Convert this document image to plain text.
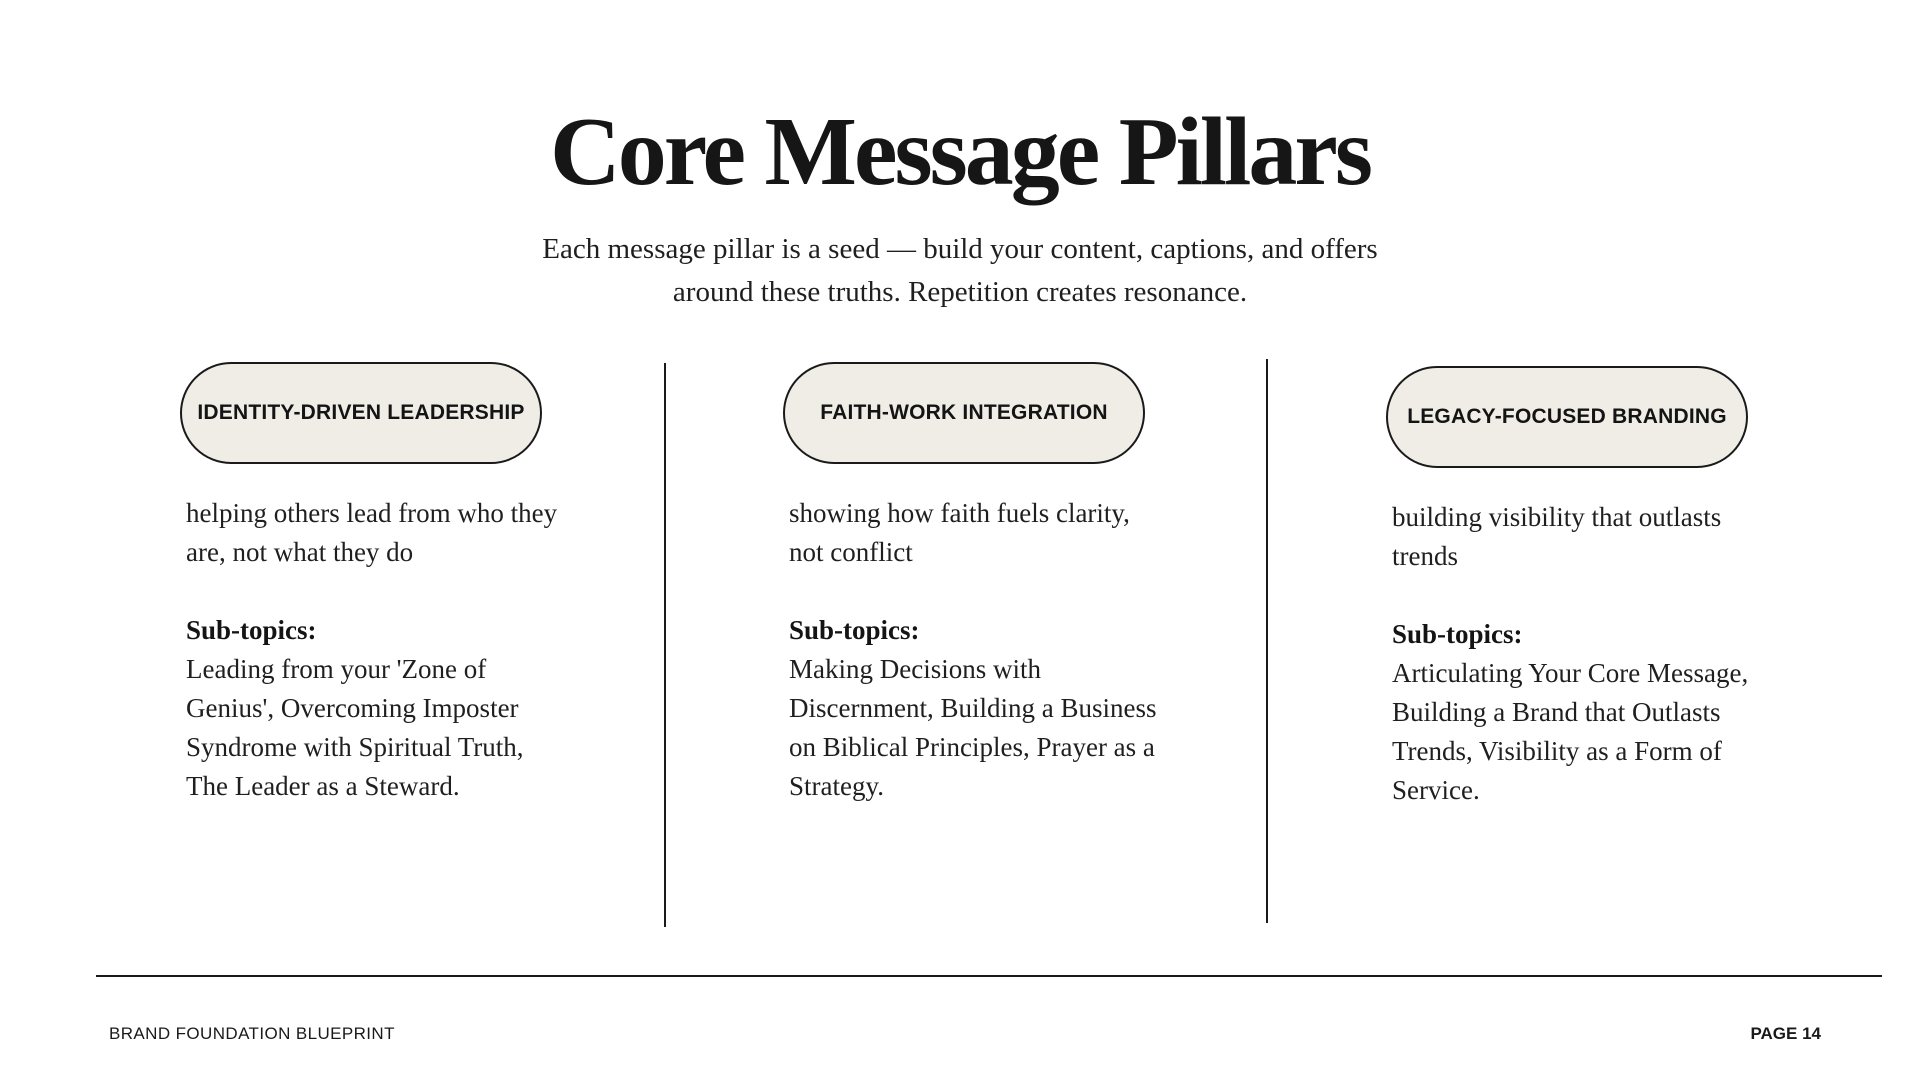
Core Message Pillars

Each message pillar is a seed — build your content, captions, and offers around these truths. Repetition creates resonance.

IDENTITY-DRIVEN LEADERSHIP
helping others lead from who they are, not what they do
Sub-topics:
Leading from your 'Zone of Genius', Overcoming Imposter Syndrome with Spiritual Truth, The Leader as a Steward.
FAITH-WORK INTEGRATION
showing how faith fuels clarity, not conflict
Sub-topics:
Making Decisions with Discernment, Building a Business on Biblical Principles, Prayer as a Strategy.
LEGACY-FOCUSED BRANDING
building visibility that outlasts trends
Sub-topics:
Articulating Your Core Message, Building a Brand that Outlasts Trends, Visibility as a Form of Service.
BRAND FOUNDATION BLUEPRINT	PAGE 14
